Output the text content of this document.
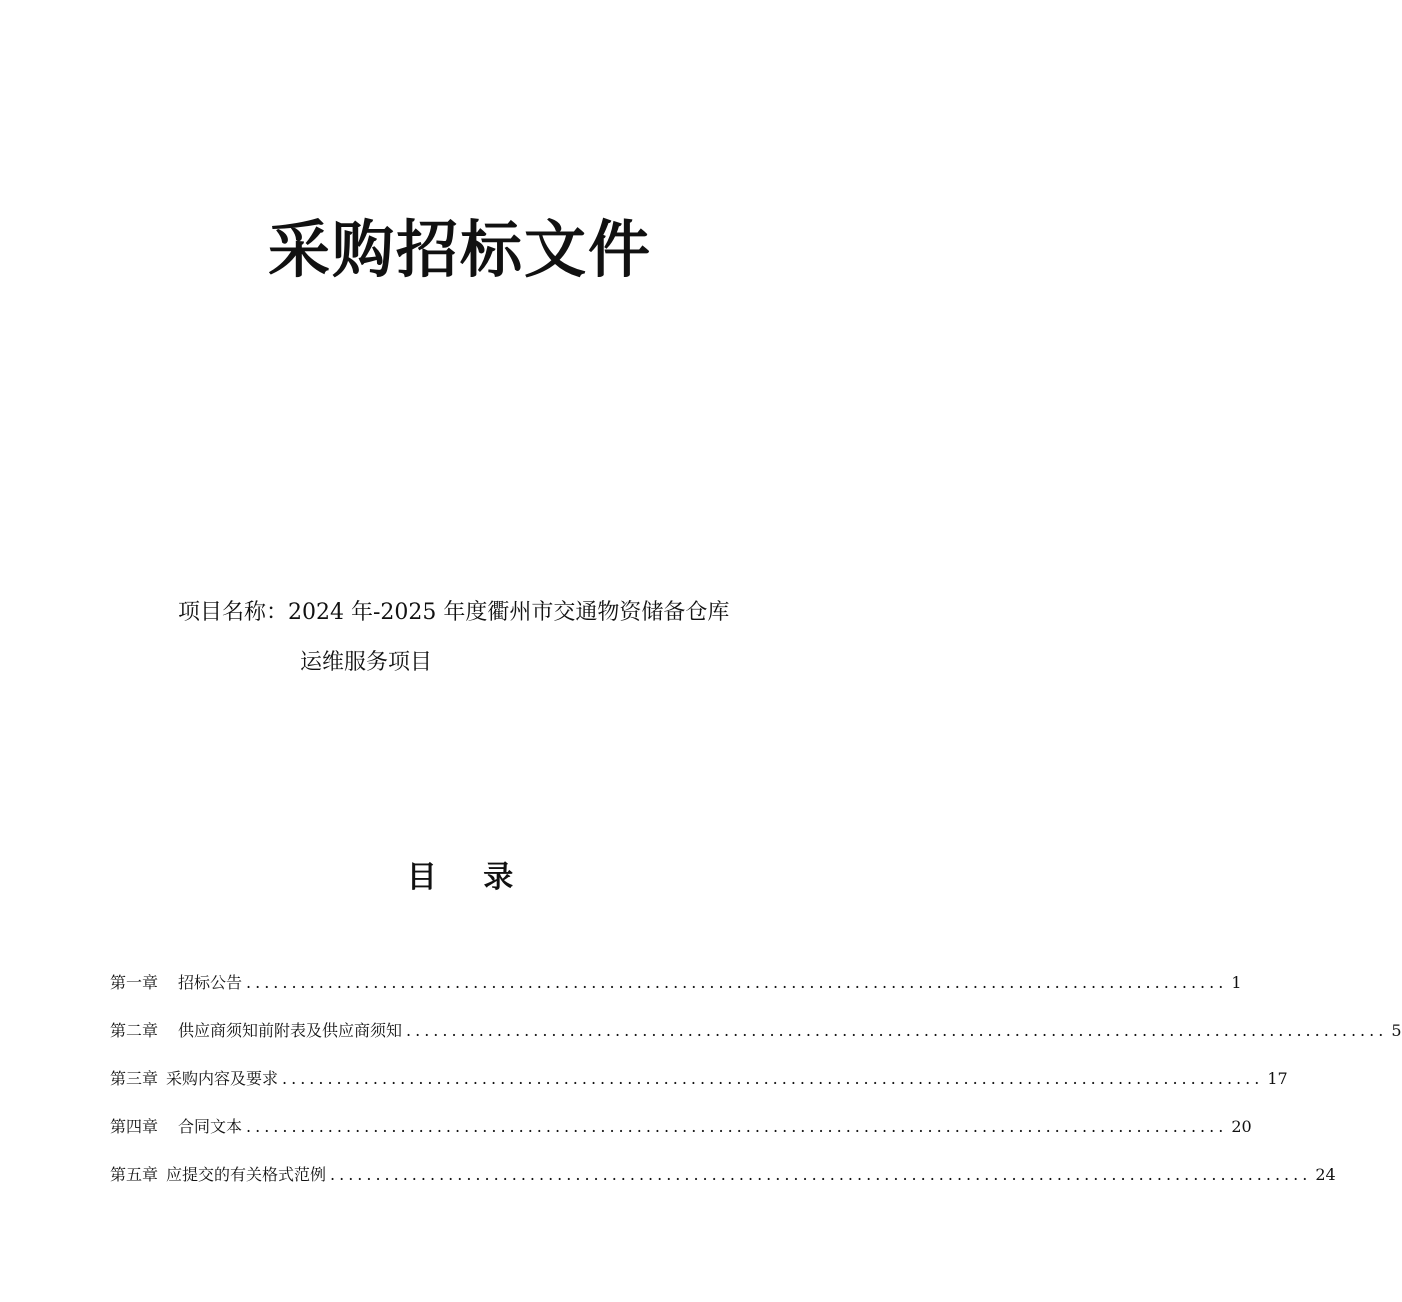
采购招标文件
项目名称：2024 年-2025 年度衢州市交通物资储备仓库
运维服务项目
目 录
第一章	招标公告 ............................................................................................................ 1
第二章	供应商须知前附表及供应商须知 ............................................................................................................ 5
第三章 采购内容及要求 ............................................................................................................ 17
第四章	合同文本 ............................................................................................................ 20
第五章 应提交的有关格式范例 ............................................................................................................ 24
